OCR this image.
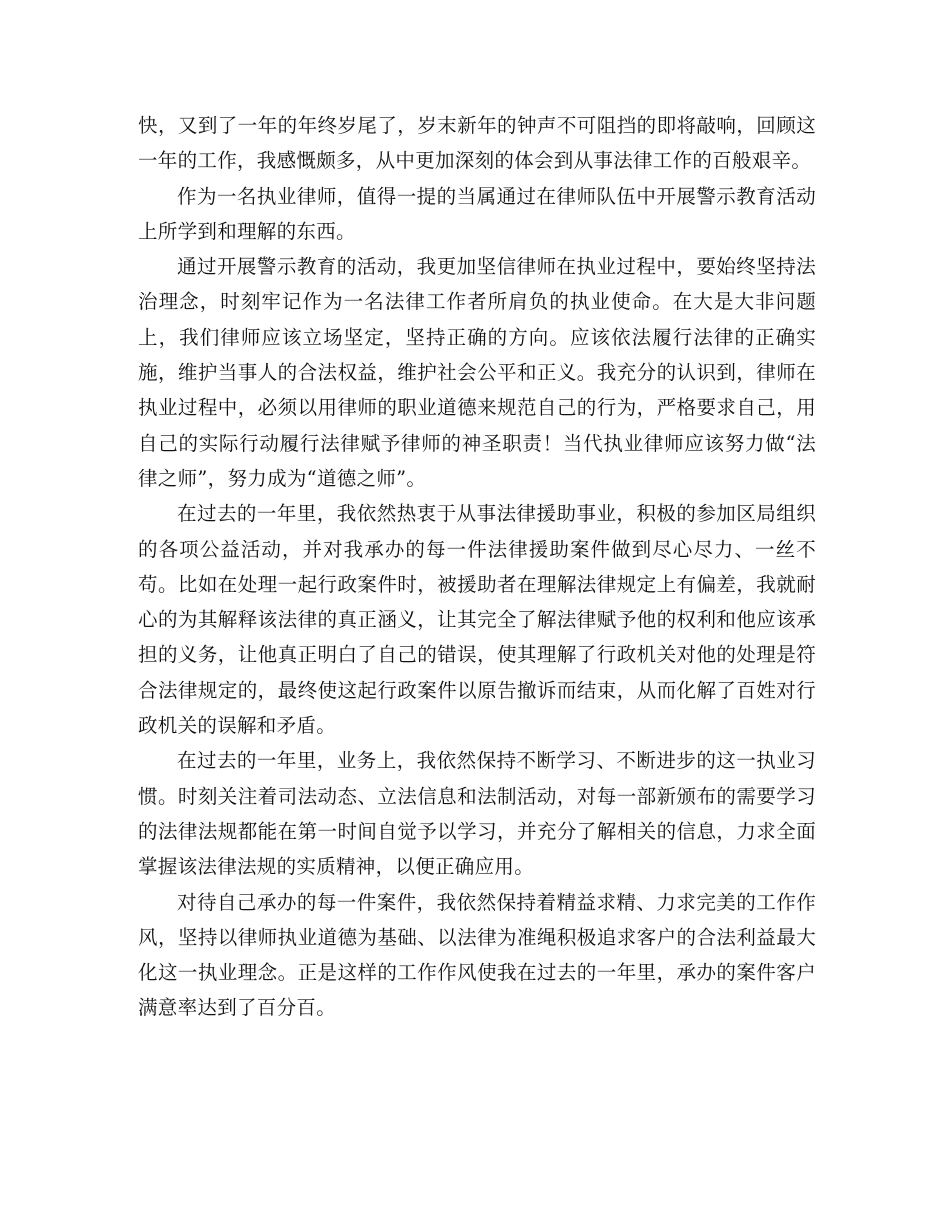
快，又到了一年的年终岁尾了，岁末新年的钟声不可阻挡的即将敲响，回顾这一年的工作，我感慨颇多，从中更加深刻的体会到从事法律工作的百般艰辛。

作为一名执业律师，值得一提的当属通过在律师队伍中开展警示教育活动上所学到和理解的东西。

通过开展警示教育的活动，我更加坚信律师在执业过程中，要始终坚持法治理念，时刻牢记作为一名法律工作者所肩负的执业使命。在大是大非问题上，我们律师应该立场坚定，坚持正确的方向。应该依法履行法律的正确实施，维护当事人的合法权益，维护社会公平和正义。我充分的认识到，律师在执业过程中，必须以用律师的职业道德来规范自己的行为，严格要求自己，用自己的实际行动履行法律赋予律师的神圣职责！当代执业律师应该努力做“法律之师”，努力成为“道德之师”。

在过去的一年里，我依然热衷于从事法律援助事业，积极的参加区局组织的各项公益活动，并对我承办的每一件法律援助案件做到尽心尽力、一丝不苟。比如在处理一起行政案件时，被援助者在理解法律规定上有偏差，我就耐心的为其解释该法律的真正涵义，让其完全了解法律赋予他的权利和他应该承担的义务，让他真正明白了自己的错误，使其理解了行政机关对他的处理是符合法律规定的，最终使这起行政案件以原告撤诉而结束，从而化解了百姓对行政机关的误解和矛盾。

在过去的一年里，业务上，我依然保持不断学习、不断进步的这一执业习惯。时刻关注着司法动态、立法信息和法制活动，对每一部新颁布的需要学习的法律法规都能在第一时间自觉予以学习，并充分了解相关的信息，力求全面掌握该法律法规的实质精神，以便正确应用。

对待自己承办的每一件案件，我依然保持着精益求精、力求完美的工作作风，坚持以律师执业道德为基础、以法律为准绳积极追求客户的合法利益最大化这一执业理念。正是这样的工作作风使我在过去的一年里，承办的案件客户满意率达到了百分百。
